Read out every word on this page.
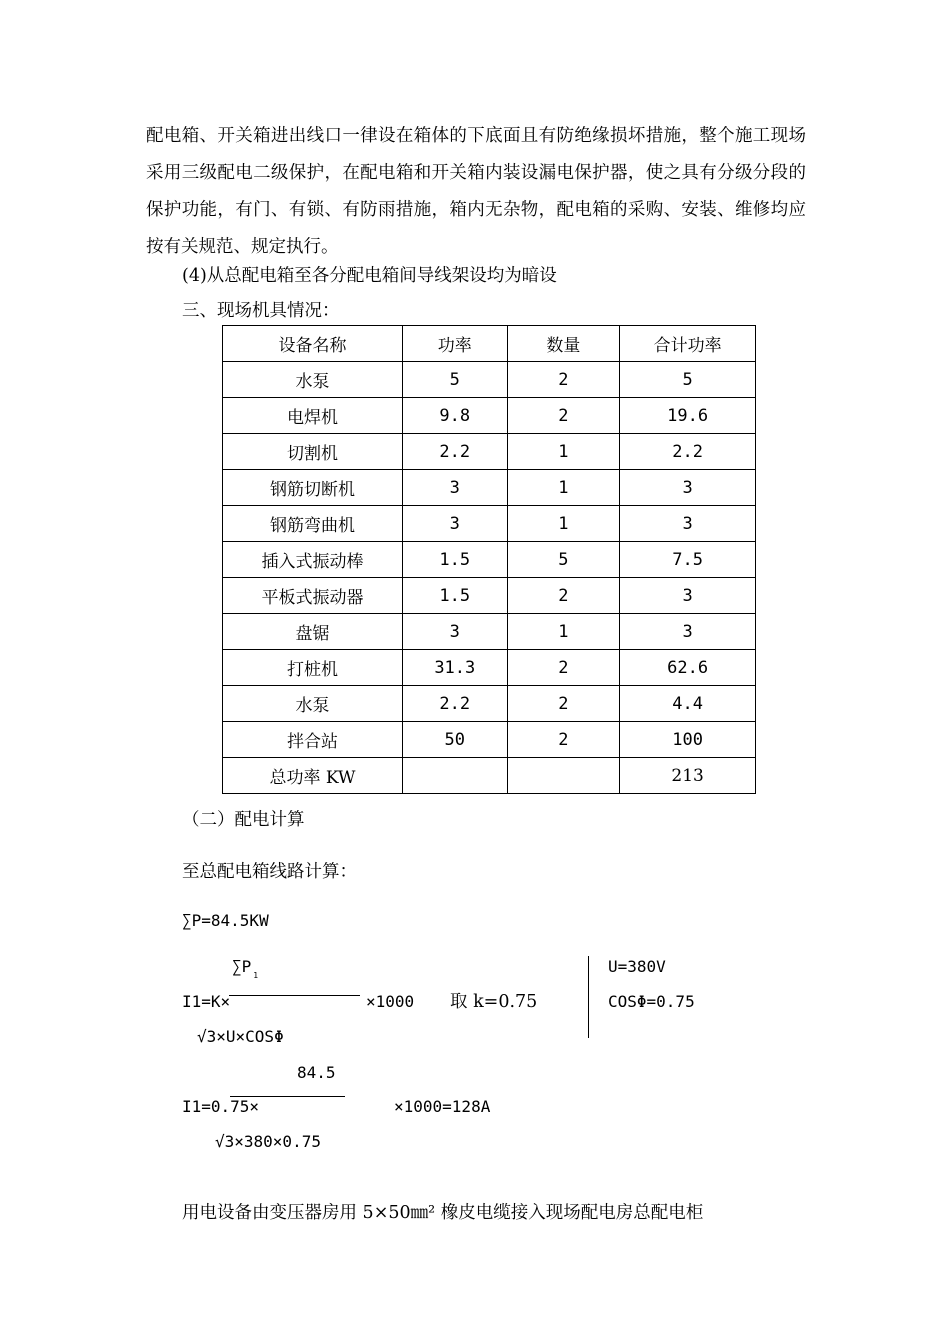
配电箱、开关箱进出线口一律设在箱体的下底面且有防绝缘损坏措施，整个施工现场采用三级配电二级保护，在配电箱和开关箱内装设漏电保护器，使之具有分级分段的保护功能，有门、有锁、有防雨措施，箱内无杂物，配电箱的采购、安装、维修均应按有关规范、规定执行。
(4)从总配电箱至各分配电箱间导线架设均为暗设
三、现场机具情况：
设备名称	功率	数量	合计功率
水泵	5	2	5
电焊机	9.8	2	19.6
切割机	2.2	1	2.2
钢筋切断机	3	1	3
钢筋弯曲机	3	1	3
插入式振动棒	1.5	5	7.5
平板式振动器	1.5	2	3
盘锯	3	1	3
打桩机	31.3	2	62.6
水泵	2.2	2	4.4
拌合站	50	2	100
总功率 KW			213
（二）配电计算
至总配电箱线路计算：
∑P=84.5KW
∑P $_1$
I1=K×	×1000 取 k=0.75
√3×U×COSΦ
U=380V
COSΦ=0.75
84.5
I1=0.75×	×1000=128A
√3×380×0.75
用电设备由变压器房用 5×50㎜² 橡皮电缆接入现场配电房总配电柜
